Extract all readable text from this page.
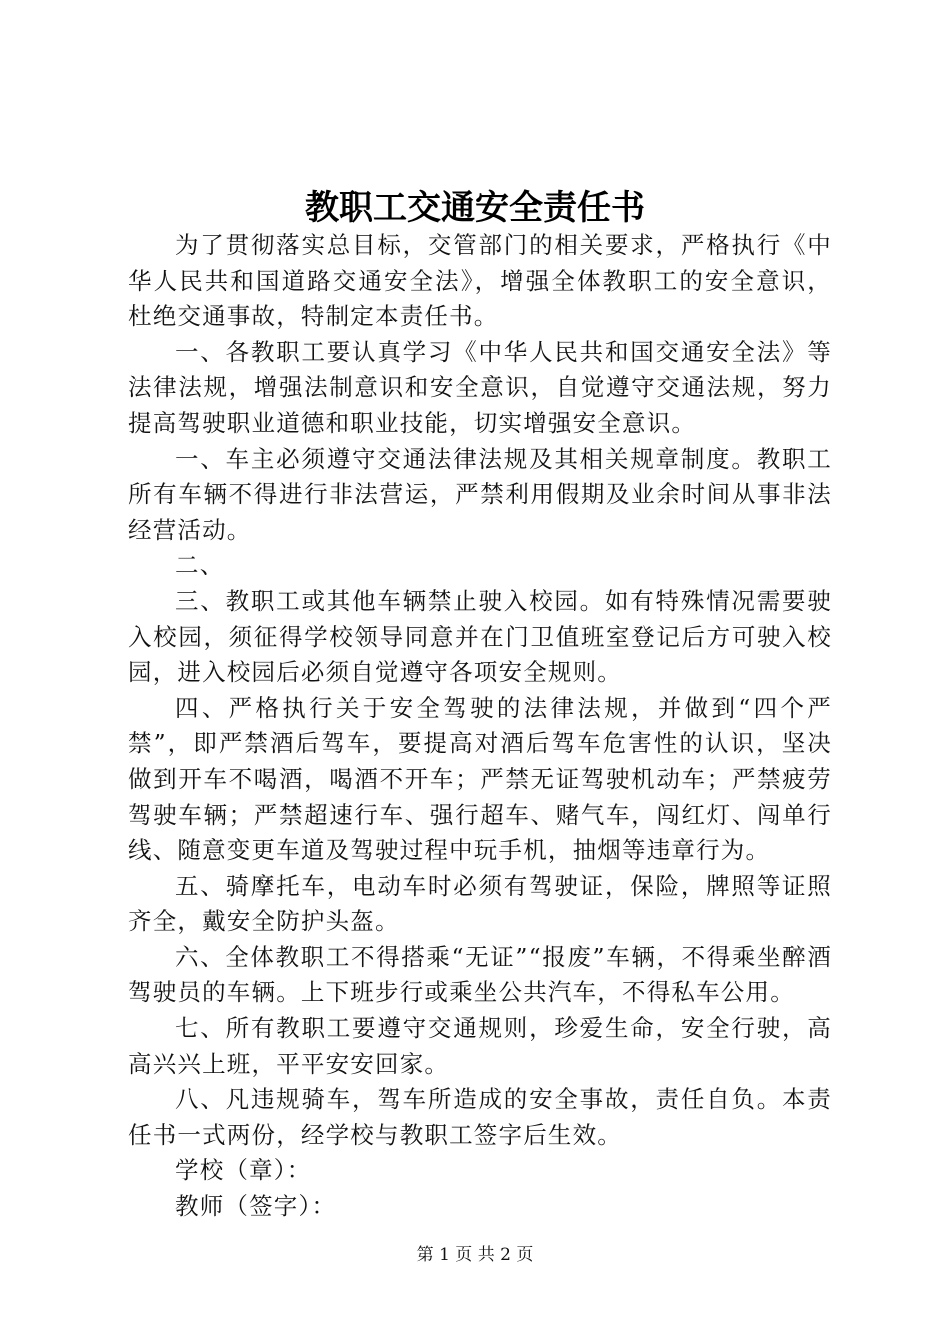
教职工交通安全责任书

为了贯彻落实总目标，交管部门的相关要求，严格执行《中华人民共和国道路交通安全法》，增强全体教职工的安全意识，杜绝交通事故，特制定本责任书。

一、各教职工要认真学习《中华人民共和国交通安全法》等法律法规，增强法制意识和安全意识，自觉遵守交通法规，努力提高驾驶职业道德和职业技能，切实增强安全意识。

一、车主必须遵守交通法律法规及其相关规章制度。教职工所有车辆不得进行非法营运，严禁利用假期及业余时间从事非法经营活动。

二、

三、教职工或其他车辆禁止驶入校园。如有特殊情况需要驶入校园，须征得学校领导同意并在门卫值班室登记后方可驶入校园，进入校园后必须自觉遵守各项安全规则。

四、严格执行关于安全驾驶的法律法规，并做到“四个严禁”，即严禁酒后驾车，要提高对酒后驾车危害性的认识，坚决做到开车不喝酒，喝酒不开车；严禁无证驾驶机动车；严禁疲劳驾驶车辆；严禁超速行车、强行超车、赌气车，闯红灯、闯单行线、随意变更车道及驾驶过程中玩手机，抽烟等违章行为。

五、骑摩托车，电动车时必须有驾驶证，保险，牌照等证照齐全，戴安全防护头盔。

六、全体教职工不得搭乘“无证”“报废”车辆，不得乘坐醉酒驾驶员的车辆。上下班步行或乘坐公共汽车，不得私车公用。

七、所有教职工要遵守交通规则，珍爱生命，安全行驶，高高兴兴上班，平平安安回家。

八、凡违规骑车，驾车所造成的安全事故，责任自负。本责任书一式两份，经学校与教职工签字后生效。

学校（章）：

教师（签字）：

第 1 页 共 2 页
